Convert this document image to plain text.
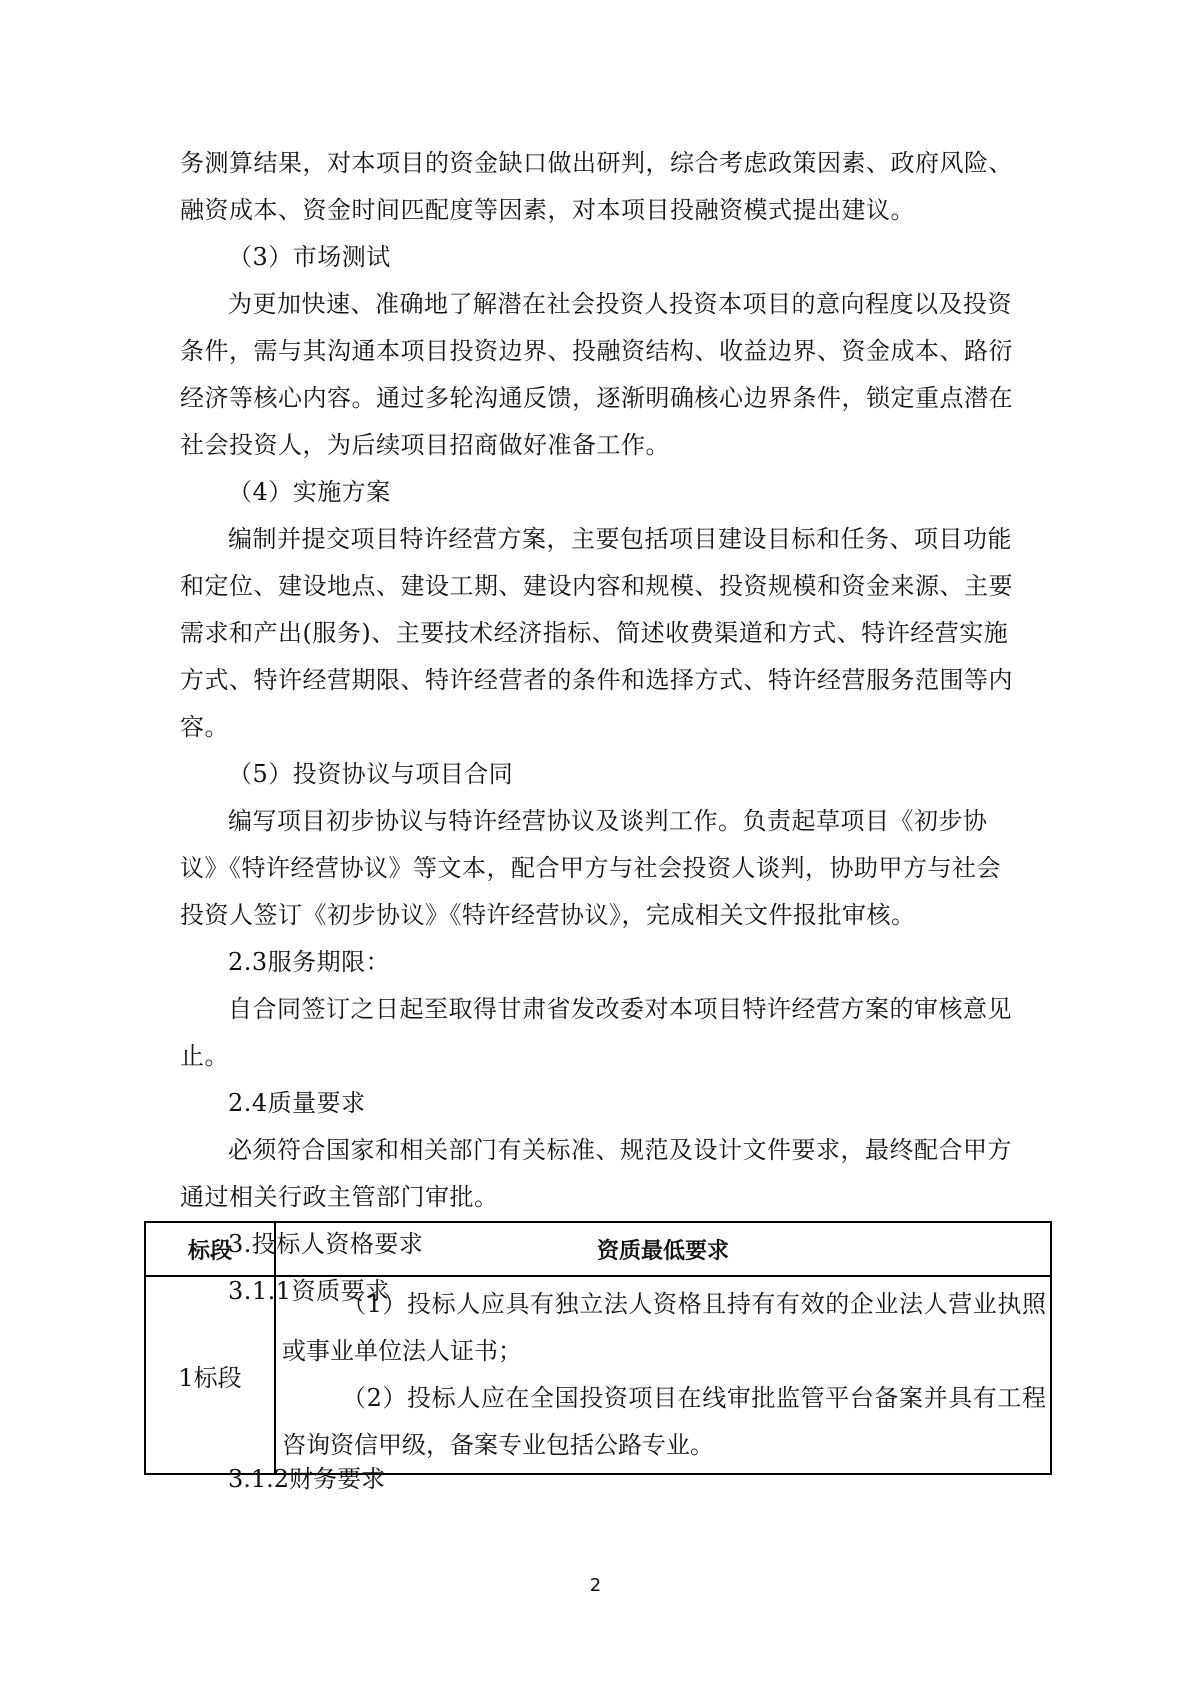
务测算结果，对本项目的资金缺口做出研判，综合考虑政策因素、政府风险、融资成本、资金时间匹配度等因素，对本项目投融资模式提出建议。

（3）市场测试

为更加快速、准确地了解潜在社会投资人投资本项目的意向程度以及投资条件，需与其沟通本项目投资边界、投融资结构、收益边界、资金成本、路衍经济等核心内容。通过多轮沟通反馈，逐渐明确核心边界条件，锁定重点潜在社会投资人，为后续项目招商做好准备工作。

（4）实施方案

编制并提交项目特许经营方案，主要包括项目建设目标和任务、项目功能和定位、建设地点、建设工期、建设内容和规模、投资规模和资金来源、主要需求和产出(服务)、主要技术经济指标、简述收费渠道和方式、特许经营实施方式、特许经营期限、特许经营者的条件和选择方式、特许经营服务范围等内容。

（5）投资协议与项目合同

编写项目初步协议与特许经营协议及谈判工作。负责起草项目《初步协议》《特许经营协议》等文本，配合甲方与社会投资人谈判，协助甲方与社会投资人签订《初步协议》《特许经营协议》，完成相关文件报批审核。

2.3服务期限：

自合同签订之日起至取得甘肃省发改委对本项目特许经营方案的审核意见止。

2.4质量要求

必须符合国家和相关部门有关标准、规范及设计文件要求，最终配合甲方通过相关行政主管部门审批。

3.投标人资格要求

3.1.1资质要求

标段	资质最低要求
1标段	（1）投标人应具有独立法人资格且持有有效的企业法人营业执照或事业单位法人证书；

（2）投标人应在全国投资项目在线审批监管平台备案并具有工程咨询资信甲级，备案专业包括公路专业。

3.1.2财务要求

2
